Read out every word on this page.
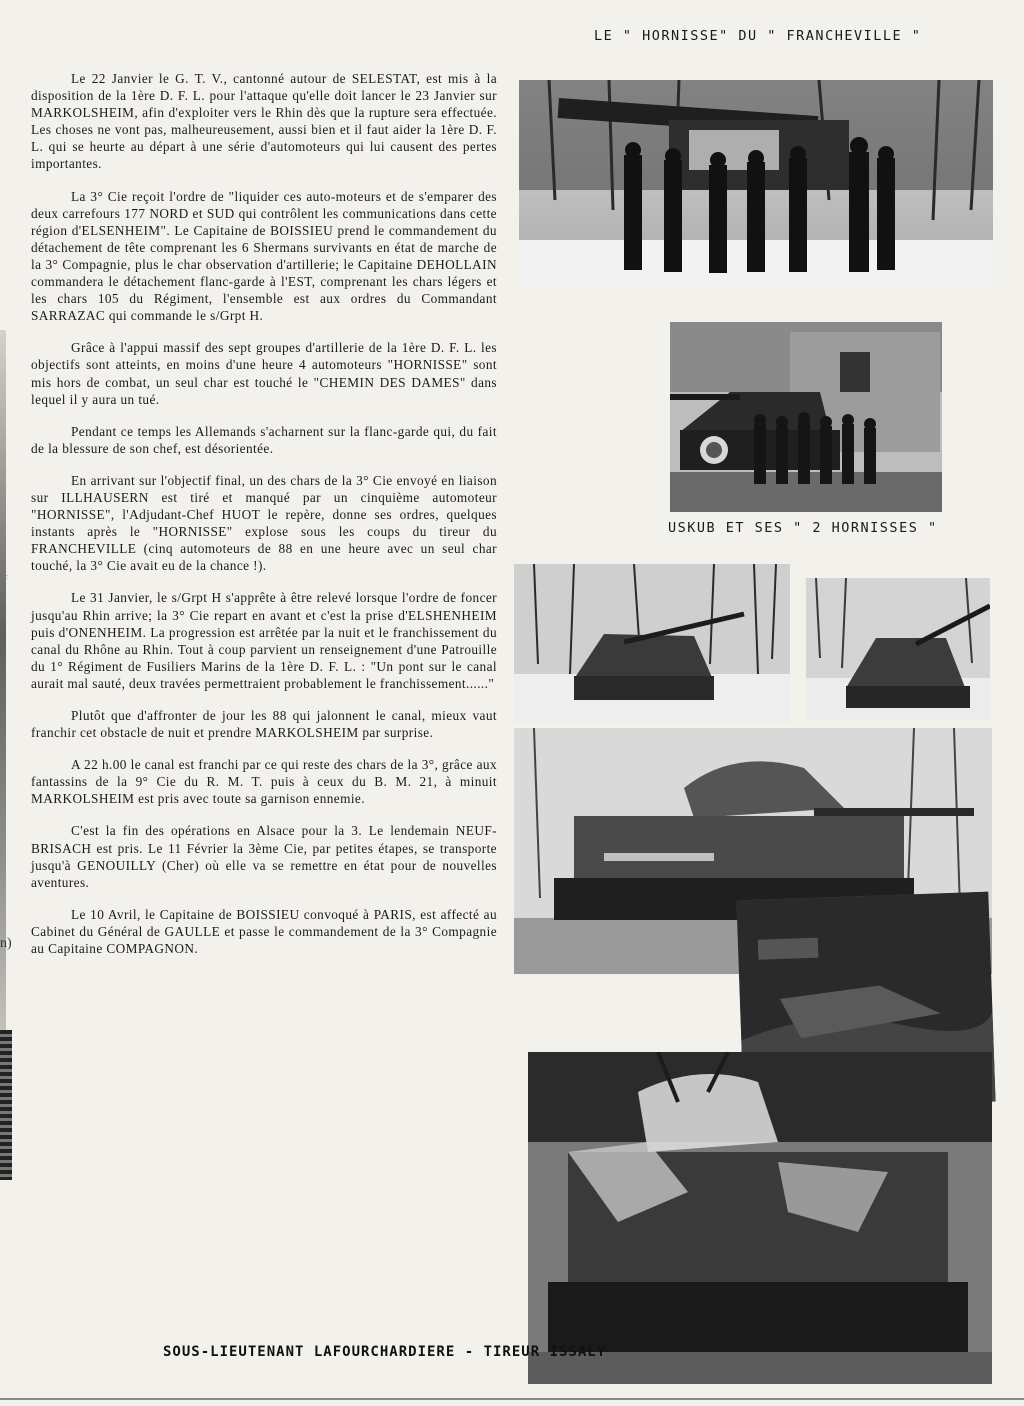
ᶜ
n)
LE " HORNISSE" DU " FRANCHEVILLE "

Le 22 Janvier le G. T. V., cantonné autour de SELESTAT, est mis à la disposition de la 1ère D. F. L. pour l'attaque qu'elle doit lancer le 23 Janvier sur MARKOLSHEIM, afin d'exploiter vers le Rhin dès que la rupture sera effectuée. Les choses ne vont pas, malheureusement, aussi bien et il faut aider la 1ère D. F. L. qui se heurte au départ à une série d'automoteurs qui lui causent des pertes importantes.

La 3° Cie reçoit l'ordre de "liquider ces auto-moteurs et de s'emparer des deux carrefours 177 NORD et SUD qui contrôlent les communications dans cette région d'ELSENHEIM". Le Capitaine de BOISSIEU prend le commandement du détachement de tête comprenant les 6 Shermans survivants en état de marche de la 3° Compagnie, plus le char observation d'artillerie; le Capitaine DEHOLLAIN commandera le détachement flanc-garde à l'EST, comprenant les chars légers et les chars 105 du Régiment, l'ensemble est aux ordres du Commandant SARRAZAC qui commande le s/Grpt H.

Grâce à l'appui massif des sept groupes d'artillerie de la 1ère D. F. L. les objectifs sont atteints, en moins d'une heure 4 automoteurs "HORNISSE" sont mis hors de combat, un seul char est touché le "CHEMIN DES DAMES" dans lequel il y aura un tué.

Pendant ce temps les Allemands s'acharnent sur la flanc-garde qui, du fait de la blessure de son chef, est désorientée.

En arrivant sur l'objectif final, un des chars de la 3° Cie envoyé en liaison sur ILLHAUSERN est tiré et manqué par un cinquième automoteur "HORNISSE", l'Adjudant-Chef HUOT le repère, donne ses ordres, quelques instants après le "HORNISSE" explose sous les coups du tireur du FRANCHEVILLE (cinq automoteurs de 88 en une heure avec un seul char touché, la 3° Cie avait eu de la chance !).

Le 31 Janvier, le s/Grpt H s'apprête à être relevé lorsque l'ordre de foncer jusqu'au Rhin arrive; la 3° Cie repart en avant et c'est la prise d'ELSHENHEIM puis d'ONENHEIM. La progression est arrêtée par la nuit et le franchissement du canal du Rhône au Rhin. Tout à coup parvient un renseignement d'une Patrouille du 1° Régiment de Fusiliers Marins de la 1ère D. F. L. : "Un pont sur le canal aurait mal sauté, deux travées permettraient probablement le franchissement......"

Plutôt que d'affronter de jour les 88 qui jalonnent le canal, mieux vaut franchir cet obstacle de nuit et prendre MARKOLSHEIM par surprise.

A 22 h.00 le canal est franchi par ce qui reste des chars de la 3°, grâce aux fantassins de la 9° Cie du R. M. T. puis à ceux du B. M. 21, à minuit MARKOLSHEIM est pris avec toute sa garnison ennemie.

C'est la fin des opérations en Alsace pour la 3. Le lendemain NEUF-BRISACH est pris. Le 11 Février la 3ème Cie, par petites étapes, se transporte jusqu'à GENOUILLY (Cher) où elle va se remettre en état pour de nouvelles aventures.

Le 10 Avril, le Capitaine de BOISSIEU convoqué à PARIS, est affecté au Cabinet du Général de GAULLE et passe le commandement de la 3° Compagnie au Capitaine COMPAGNON.

USKUB ET SES " 2 HORNISSES "
SOUS-LIEUTENANT LAFOURCHARDIERE - TIREUR ISSALY
